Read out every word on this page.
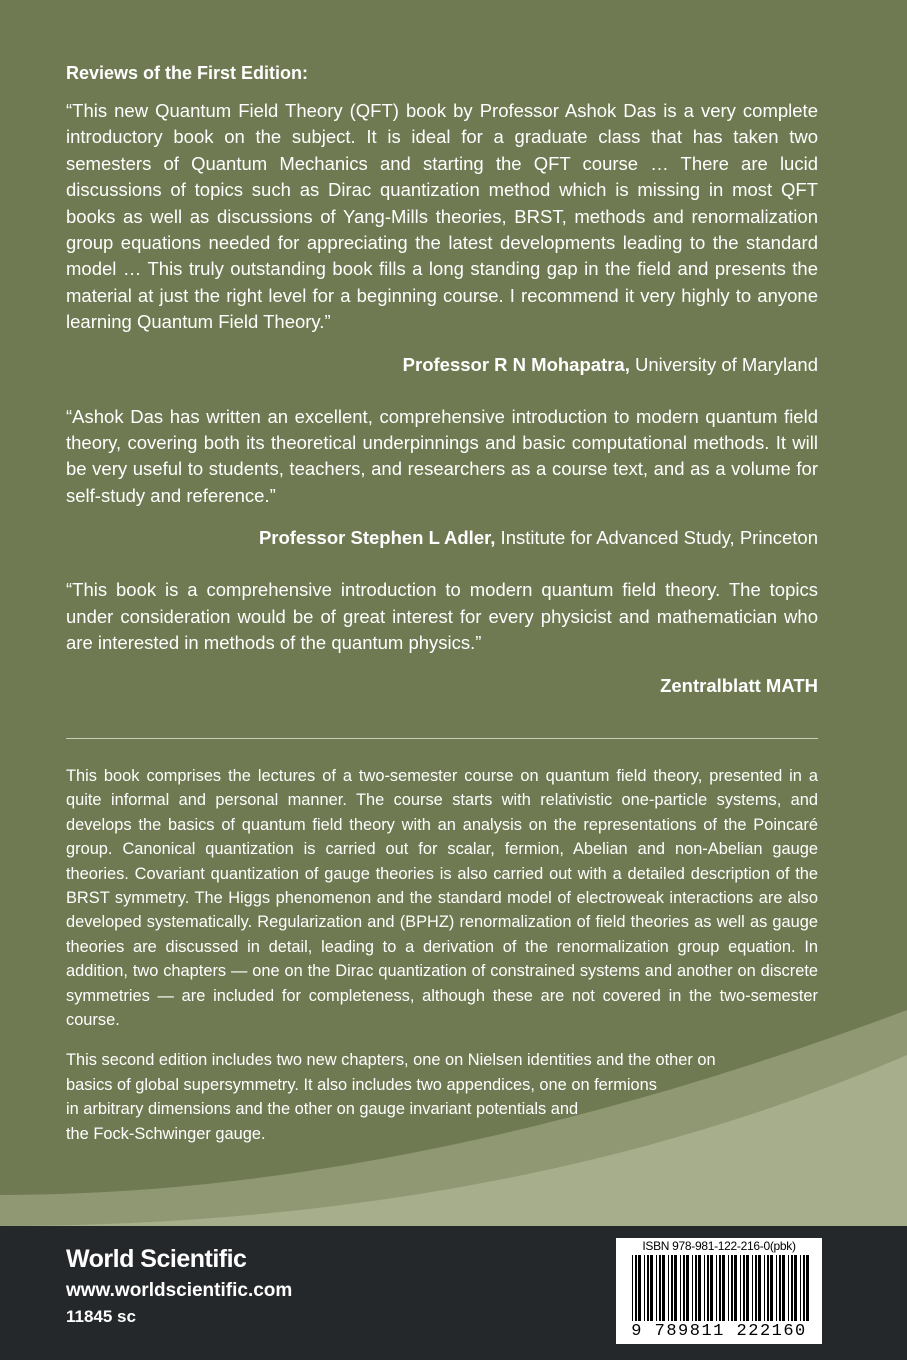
Reviews of the First Edition:

“This new Quantum Field Theory (QFT) book by Professor Ashok Das is a very complete introductory book on the subject. It is ideal for a graduate class that has taken two semesters of Quantum Mechanics and starting the QFT course … There are lucid discussions of topics such as Dirac quantization method which is missing in most QFT books as well as discussions of Yang-Mills theories, BRST, methods and renormalization group equations needed for appreciating the latest developments leading to the standard model … This truly outstanding book fills a long standing gap in the field and presents the material at just the right level for a beginning course. I recommend it very highly to anyone learning Quantum Field Theory.”

Professor R N Mohapatra, University of Maryland

“Ashok Das has written an excellent, comprehensive introduction to modern quantum field theory, covering both its theoretical underpinnings and basic computational methods. It will be very useful to students, teachers, and researchers as a course text, and as a volume for self-study and reference.”

Professor Stephen L Adler, Institute for Advanced Study, Princeton

“This book is a comprehensive introduction to modern quantum field theory. The topics under consideration would be of great interest for every physicist and mathematician who are interested in methods of the quantum physics.”

Zentralblatt MATH

This book comprises the lectures of a two-semester course on quantum field theory, presented in a quite informal and personal manner. The course starts with relativistic one-particle systems, and develops the basics of quantum field theory with an analysis on the representations of the Poincaré group. Canonical quantization is carried out for scalar, fermion, Abelian and non-Abelian gauge theories. Covariant quantization of gauge theories is also carried out with a detailed description of the BRST symmetry. The Higgs phenomenon and the standard model of electroweak interactions are also developed systematically. Regularization and (BPHZ) renormalization of field theories as well as gauge theories are discussed in detail, leading to a derivation of the renormalization group equation. In addition, two chapters — one on the Dirac quantization of constrained systems and another on discrete symmetries — are included for completeness, although these are not covered in the two-semester course.

This second edition includes two new chapters, one on Nielsen identities and the other on
basics of global supersymmetry. It also includes two appendices, one on fermions
in arbitrary dimensions and the other on gauge invariant potentials and
the Fock-Schwinger gauge.

World Scientific
www.worldscientific.com
11845 sc
ISBN 978-981-122-216-0(pbk)
9 789811 222160
